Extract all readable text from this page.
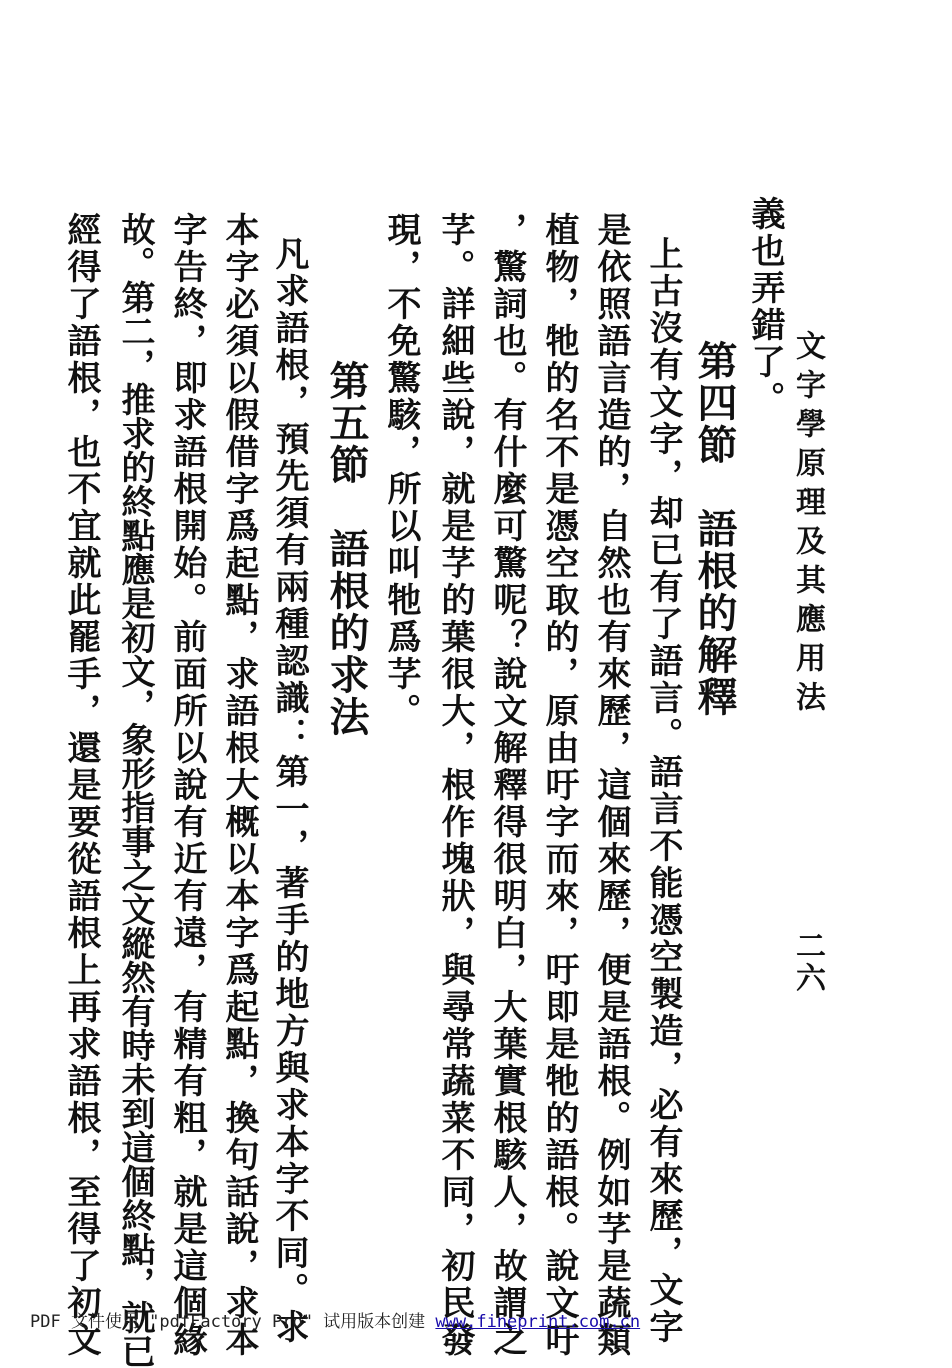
文字學原理及其應用法
二六
義也弄錯了。
第四節　語根的解釋
上古沒有文字，却已有了語言。語言不能憑空製造，必有來歷，文字
是依照語言造的，自然也有來歷，這個來歷，便是語根。例如芓是蔬類
植物，牠的名不是憑空取的，原由吁字而來，吁即是牠的語根。說文吁
，驚詞也。有什麼可驚呢？說文解釋得很明白，大葉實根駭人，故謂之
芓。詳細些說，就是芓的葉很大，根作塊狀，與尋常蔬菜不同，初民發
現，不免驚駭，所以叫牠爲芓。
第五節　語根的求法
凡求語根，預先須有兩種認識：第一，著手的地方與求本字不同。求
本字必須以假借字爲起點，求語根大概以本字爲起點，換句話說，求本
字告終，即求語根開始。前面所以說有近有遠，有精有粗，就是這個緣
故。第二，推求的終點應是初文，象形指事之文縱然有時未到這個終點，就已
經得了語根，也不宜就此罷手，還是要從語根上再求語根，至得了初文
PDF 文件使用 "pdfFactory Pro" 试用版本创建 www.fineprint.com.cn
